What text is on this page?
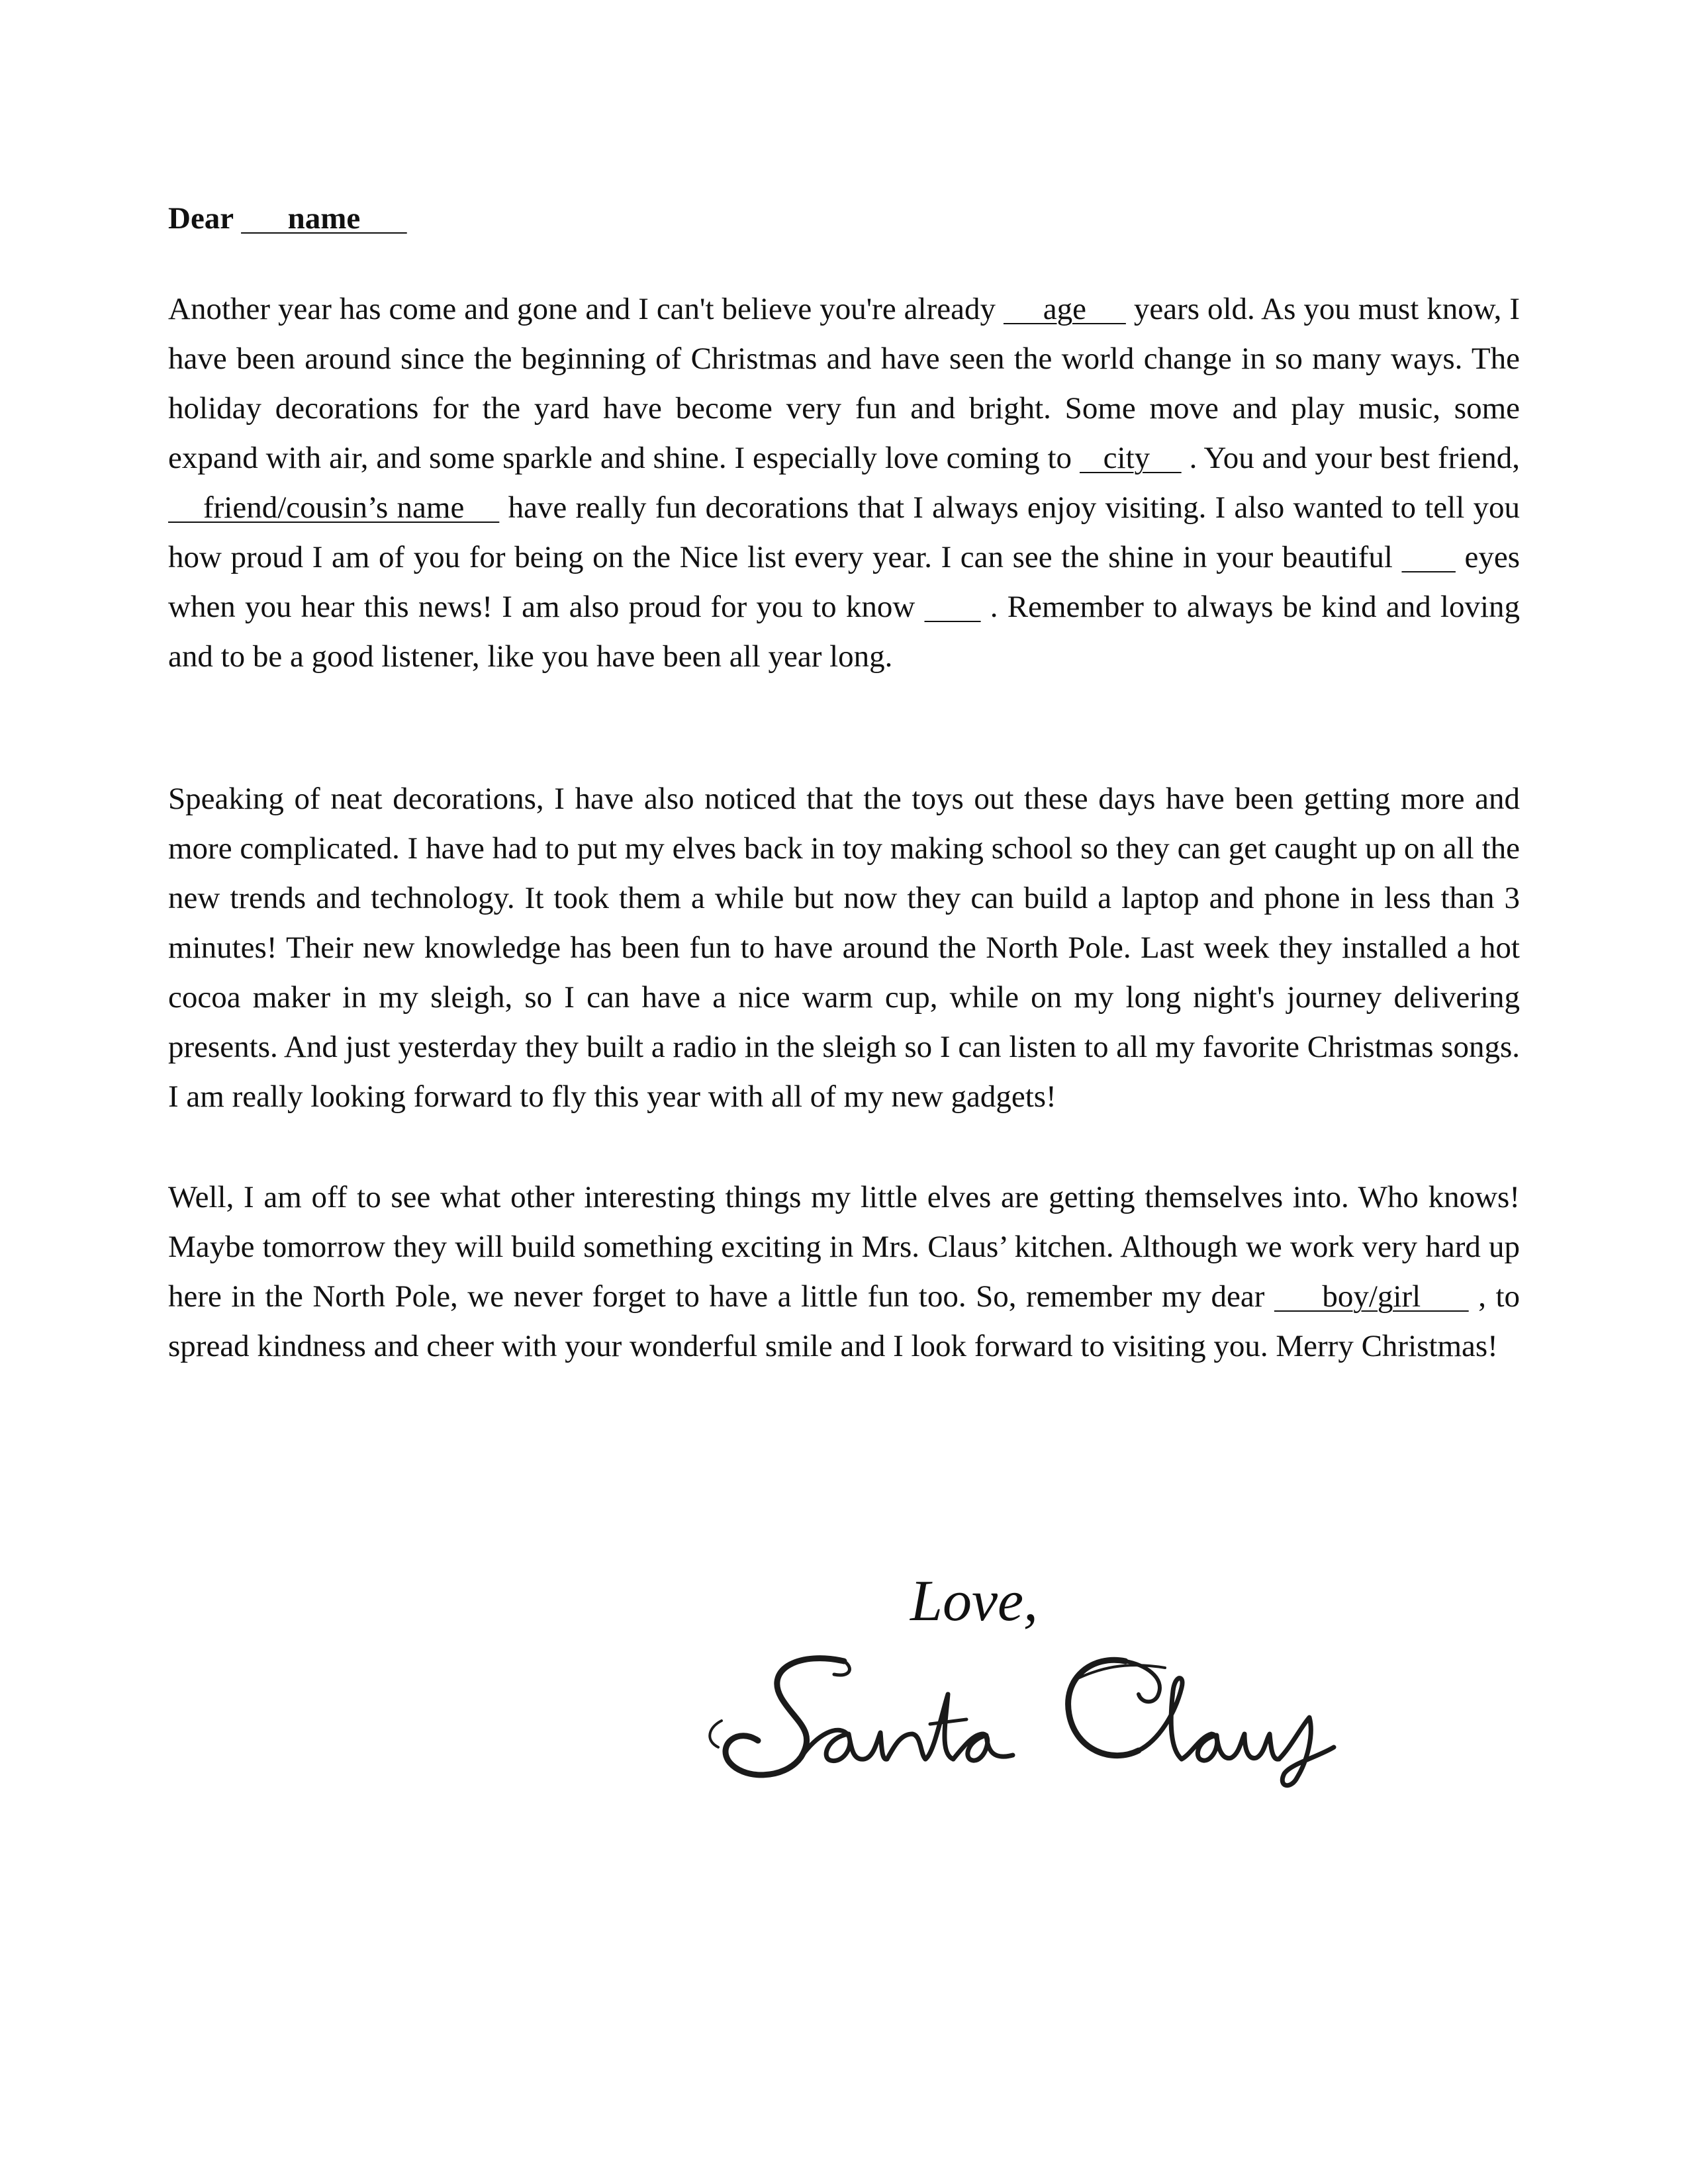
Dear       name

Another year has come and gone and I can't believe you're already      age      years old. As you must know, I have been around since the beginning of Christmas and have seen the world change in so many ways. The holiday decorations for the yard have become very fun and bright. Some move and play music, some expand with air, and some sparkle and shine. I especially love coming to    city     . You and your best friend,     friend/cousin’s name     have really fun decorations that I always enjoy visiting. I also wanted to tell you how proud I am of you for being on the Nice list every year. I can see the shine in your beautiful        eyes when you hear this news! I am also proud for you to know        . Remember to always be kind and loving and to be a good listener, like you have been all year long.

Speaking of neat decorations, I have also noticed that the toys out these days have been getting more and more complicated. I have had to put my elves back in toy making school so they can get caught up on all the new trends and technology. It took them a while but now they can build a laptop and phone in less than 3 minutes! Their new knowledge has been fun to have around the North Pole. Last week they installed a hot cocoa maker in my sleigh, so I can have a nice warm cup, while on my long night's journey delivering presents. And just yesterday they built a radio in the sleigh so I can listen to all my favorite Christmas songs. I am really looking forward to fly this year with all of my new gadgets!

Well, I am off to see what other interesting things my little elves are getting themselves into. Who knows! Maybe tomorrow they will build something exciting in Mrs. Claus’ kitchen. Although we work very hard up here in the North Pole, we never forget to have a little fun too. So, remember my dear      boy/girl      , to spread kindness and cheer with your wonderful smile and I look forward to visiting you. Merry Christmas!

Love,
